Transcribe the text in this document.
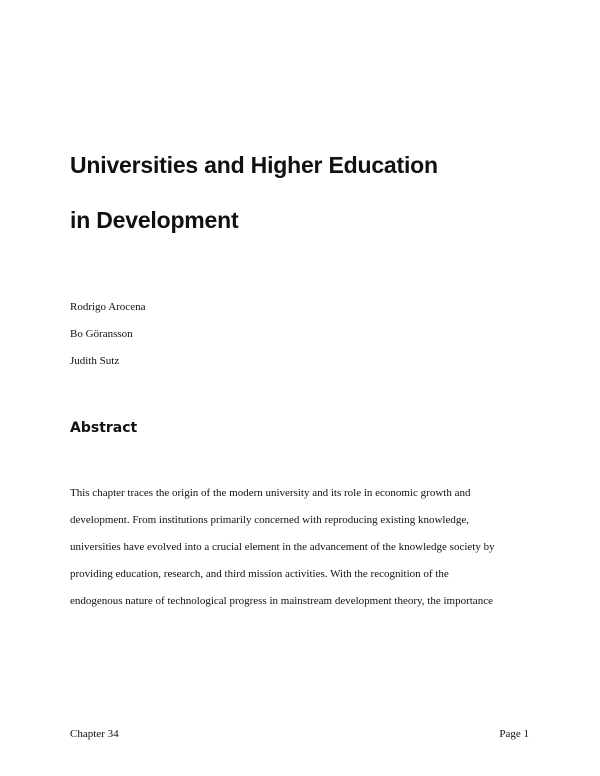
Universities and Higher Education
in Development
Rodrigo Arocena
Bo Göransson
Judith Sutz
Abstract
This chapter traces the origin of the modern university and its role in economic growth and
development. From institutions primarily concerned with reproducing existing knowledge,
universities have evolved into a crucial element in the advancement of the knowledge society by
providing education, research, and third mission activities. With the recognition of the
endogenous nature of technological progress in mainstream development theory, the importance
Chapter 34	Page 1
